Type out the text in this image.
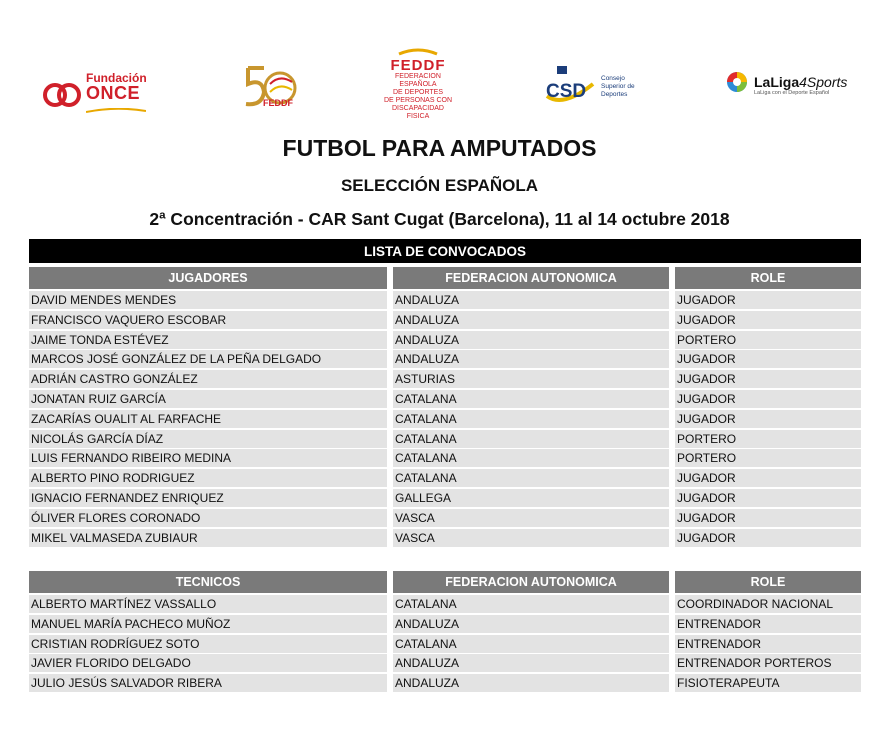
Fundación
ONCE	FEDDF
FEDDF
FEDERACION
ESPAÑOLA
DE DEPORTES
DE PERSONAS CON
DISCAPACIDAD
FISICA
CSD
Consejo
Superior de
Deportes
LaLiga4Sports
LaLiga con el Deporte Español
FUTBOL PARA AMPUTADOS
SELECCIÓN ESPAÑOLA
2ª Concentración - CAR Sant Cugat (Barcelona), 11 al 14 octubre 2018
LISTA DE CONVOCADOS
JUGADORES	FEDERACION AUTONOMICA	ROLE
DAVID MENDES MENDES	ANDALUZA	JUGADOR
FRANCISCO VAQUERO ESCOBAR	ANDALUZA	JUGADOR
JAIME TONDA ESTÉVEZ	ANDALUZA	PORTERO
MARCOS JOSÉ GONZÁLEZ DE LA PEÑA DELGADO	ANDALUZA	JUGADOR
ADRIÁN CASTRO GONZÁLEZ	ASTURIAS	JUGADOR
JONATAN RUIZ GARCÍA	CATALANA	JUGADOR
ZACARÍAS OUALIT AL FARFACHE	CATALANA	JUGADOR
NICOLÁS GARCÍA DÍAZ	CATALANA	PORTERO
LUIS FERNANDO RIBEIRO MEDINA	CATALANA	PORTERO
ALBERTO PINO RODRIGUEZ	CATALANA	JUGADOR
IGNACIO FERNANDEZ ENRIQUEZ	GALLEGA	JUGADOR
ÓLIVER FLORES CORONADO	VASCA	JUGADOR
MIKEL VALMASEDA ZUBIAUR	VASCA	JUGADOR
TECNICOS	FEDERACION AUTONOMICA	ROLE
ALBERTO MARTÍNEZ VASSALLO	CATALANA	COORDINADOR NACIONAL
MANUEL MARÍA PACHECO MUÑOZ	ANDALUZA	ENTRENADOR
CRISTIAN RODRÍGUEZ SOTO	CATALANA	ENTRENADOR
JAVIER FLORIDO DELGADO	ANDALUZA	ENTRENADOR PORTEROS
JULIO JESÚS SALVADOR RIBERA	ANDALUZA	FISIOTERAPEUTA
